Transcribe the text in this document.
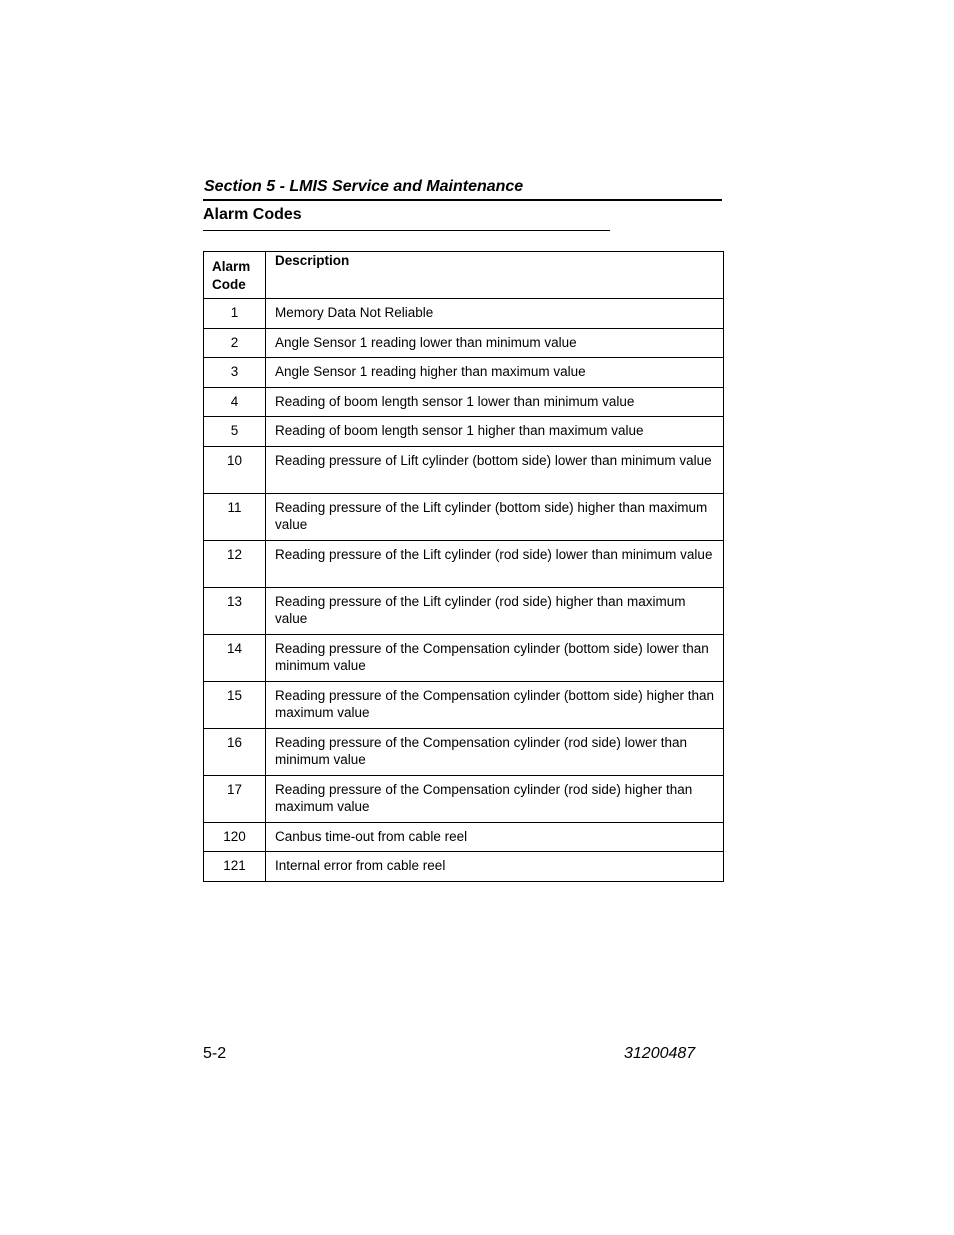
Section 5 - LMIS Service and Maintenance
Alarm Codes
Alarm Code	Description
1	Memory Data Not Reliable
2	Angle Sensor 1 reading lower than minimum value
3	Angle Sensor 1 reading higher than maximum value
4	Reading of boom length sensor 1 lower than minimum value
5	Reading of boom length sensor 1 higher than maximum value
10	Reading pressure of Lift cylinder (bottom side) lower than minimum value
11	Reading pressure of the Lift cylinder (bottom side) higher than maximum value
12	Reading pressure of the Lift cylinder (rod side) lower than minimum value
13	Reading pressure of the Lift cylinder (rod side) higher than maximum value
14	Reading pressure of the Compensation cylinder (bottom side) lower than minimum value
15	Reading pressure of the Compensation cylinder (bottom side) higher than maximum value
16	Reading pressure of the Compensation cylinder (rod side) lower than minimum value
17	Reading pressure of the Compensation cylinder (rod side) higher than maximum value
120	Canbus time-out from cable reel
121	Internal error from cable reel
5-2	31200487
